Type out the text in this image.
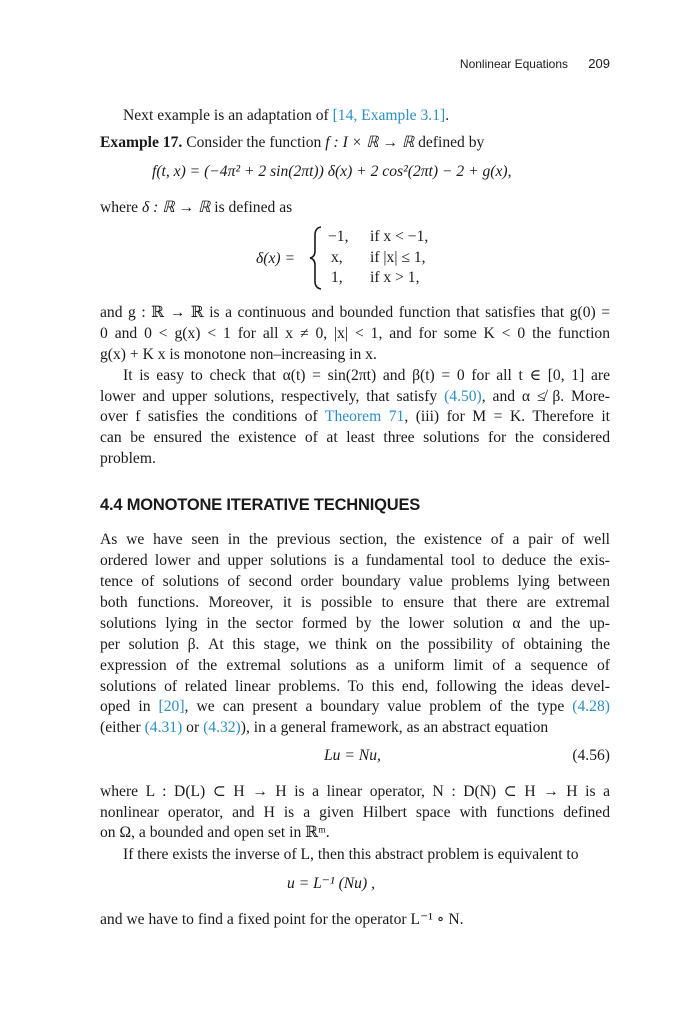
Nonlinear Equations 209
Next example is an adaptation of [14, Example 3.1].
Example 17. Consider the function f : I × ℝ → ℝ defined by
f(t, x) = (−4π² + 2 sin(2πt)) δ(x) + 2 cos²(2πt) − 2 + g(x),
where δ : ℝ → ℝ is defined as
δ(x) =
−1, if x < −1,
x, if |x| ≤ 1,
1, if x > 1,
and g : ℝ → ℝ is a continuous and bounded function that satisfies that g(0) =
0 and 0 < g(x) < 1 for all x ≠ 0, |x| < 1, and for some K < 0 the function
g(x) + K x is monotone non–increasing in x.
It is easy to check that α(t) = sin(2πt) and β(t) = 0 for all t ∈ [0, 1] are
lower and upper solutions, respectively, that satisfy (4.50), and α ≰ β. More-
over f satisfies the conditions of Theorem 71, (iii) for M = K. Therefore it
can be ensured the existence of at least three solutions for the considered
problem.
4.4 MONOTONE ITERATIVE TECHNIQUES
As we have seen in the previous section, the existence of a pair of well
ordered lower and upper solutions is a fundamental tool to deduce the exis-
tence of solutions of second order boundary value problems lying between
both functions. Moreover, it is possible to ensure that there are extremal
solutions lying in the sector formed by the lower solution α and the up-
per solution β. At this stage, we think on the possibility of obtaining the
expression of the extremal solutions as a uniform limit of a sequence of
solutions of related linear problems. To this end, following the ideas devel-
oped in [20], we can present a boundary value problem of the type (4.28)
(either (4.31) or (4.32)), in a general framework, as an abstract equation
Lu = Nu,	(4.56)
where L : D(L) ⊂ H → H is a linear operator, N : D(N) ⊂ H → H is a
nonlinear operator, and H is a given Hilbert space with functions defined
on Ω, a bounded and open set in ℝᵐ.
If there exists the inverse of L, then this abstract problem is equivalent to
u = L⁻¹ (Nu) ,
and we have to find a fixed point for the operator L⁻¹ ∘ N.
